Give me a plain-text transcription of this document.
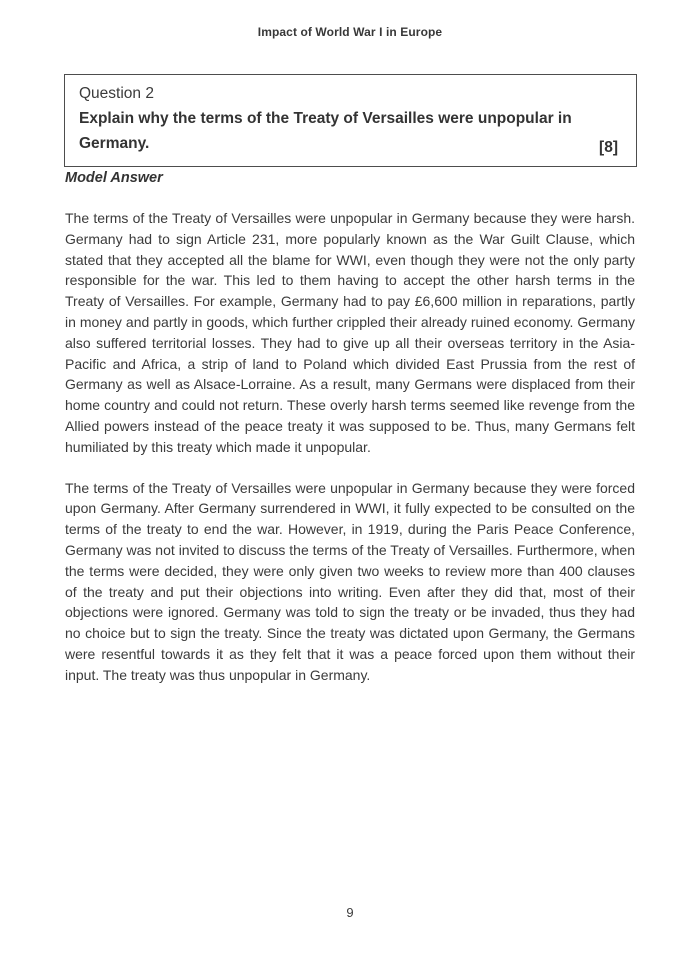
Impact of World War I in Europe
Question 2
Explain why the terms of the Treaty of Versailles were unpopular in Germany.	[8]
Model Answer

The terms of the Treaty of Versailles were unpopular in Germany because they were harsh. Germany had to sign Article 231, more popularly known as the War Guilt Clause, which stated that they accepted all the blame for WWI, even though they were not the only party responsible for the war. This led to them having to accept the other harsh terms in the Treaty of Versailles. For example, Germany had to pay £6,600 million in reparations, partly in money and partly in goods, which further crippled their already ruined economy. Germany also suffered territorial losses. They had to give up all their overseas territory in the Asia-Pacific and Africa, a strip of land to Poland which divided East Prussia from the rest of Germany as well as Alsace-Lorraine. As a result, many Germans were displaced from their home country and could not return. These overly harsh terms seemed like revenge from the Allied powers instead of the peace treaty it was supposed to be. Thus, many Germans felt humiliated by this treaty which made it unpopular.

The terms of the Treaty of Versailles were unpopular in Germany because they were forced upon Germany. After Germany surrendered in WWI, it fully expected to be consulted on the terms of the treaty to end the war. However, in 1919, during the Paris Peace Conference, Germany was not invited to discuss the terms of the Treaty of Versailles. Furthermore, when the terms were decided, they were only given two weeks to review more than 400 clauses of the treaty and put their objections into writing. Even after they did that, most of their objections were ignored. Germany was told to sign the treaty or be invaded, thus they had no choice but to sign the treaty. Since the treaty was dictated upon Germany, the Germans were resentful towards it as they felt that it was a peace forced upon them without their input. The treaty was thus unpopular in Germany.

9
